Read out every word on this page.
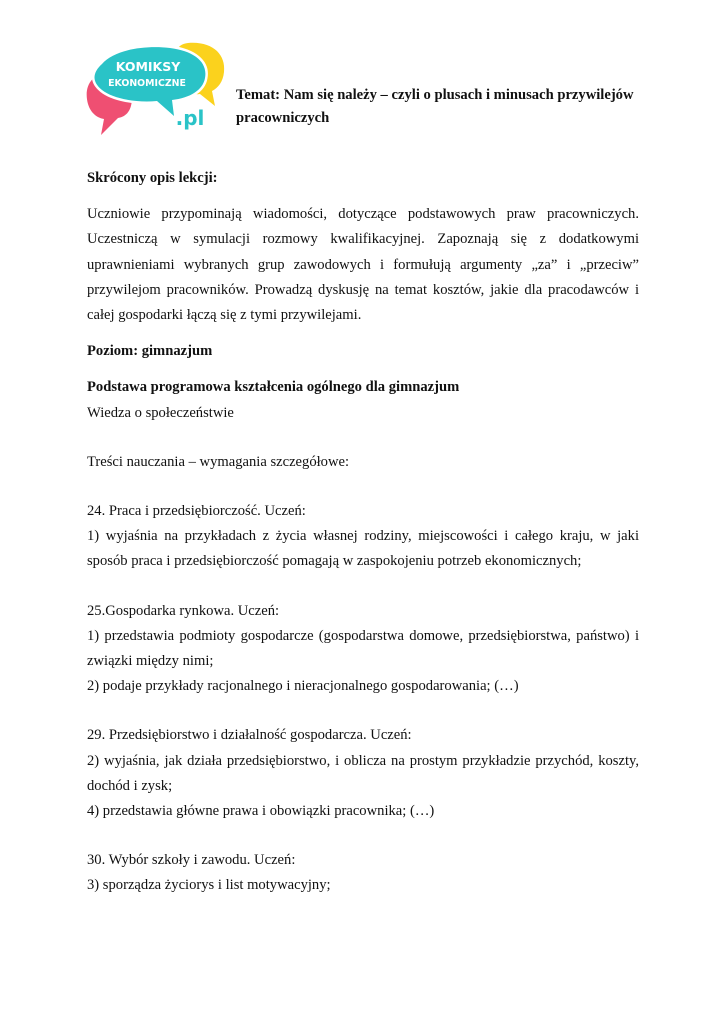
KOMIKSY
EKONOMICZNE
.pl
Temat: Nam się należy – czyli o plusach i minusach przywilejów
pracowniczych

Skrócony opis lekcji:

Uczniowie przypominają wiadomości, dotyczące podstawowych praw pracowniczych. Uczestniczą w symulacji rozmowy kwalifikacyjnej. Zapoznają się z dodatkowymi uprawnieniami wybranych grup zawodowych i formułują argumenty „za” i „przeciw” przywilejom pracowników. Prowadzą dyskusję na temat kosztów, jakie dla pracodawców i całej gospodarki łączą się z tymi przywilejami.

Poziom: gimnazjum

Podstawa programowa kształcenia ogólnego dla gimnazjum

Wiedza o społeczeństwie

Treści nauczania – wymagania szczegółowe:

24. Praca i przedsiębiorczość. Uczeń:

1) wyjaśnia na przykładach z życia własnej rodziny, miejscowości i całego kraju, w jaki sposób praca i przedsiębiorczość pomagają w zaspokojeniu potrzeb ekonomicznych;

25.Gospodarka rynkowa. Uczeń:

1) przedstawia podmioty gospodarcze (gospodarstwa domowe, przedsiębiorstwa, państwo) i związki między nimi;

2) podaje przykłady racjonalnego i nieracjonalnego gospodarowania; (…)

29. Przedsiębiorstwo i działalność gospodarcza. Uczeń:

2) wyjaśnia, jak działa przedsiębiorstwo, i oblicza na prostym przykładzie przychód, koszty, dochód i zysk;

4) przedstawia główne prawa i obowiązki pracownika; (…)

30. Wybór szkoły i zawodu. Uczeń:

3) sporządza życiorys i list motywacyjny;
